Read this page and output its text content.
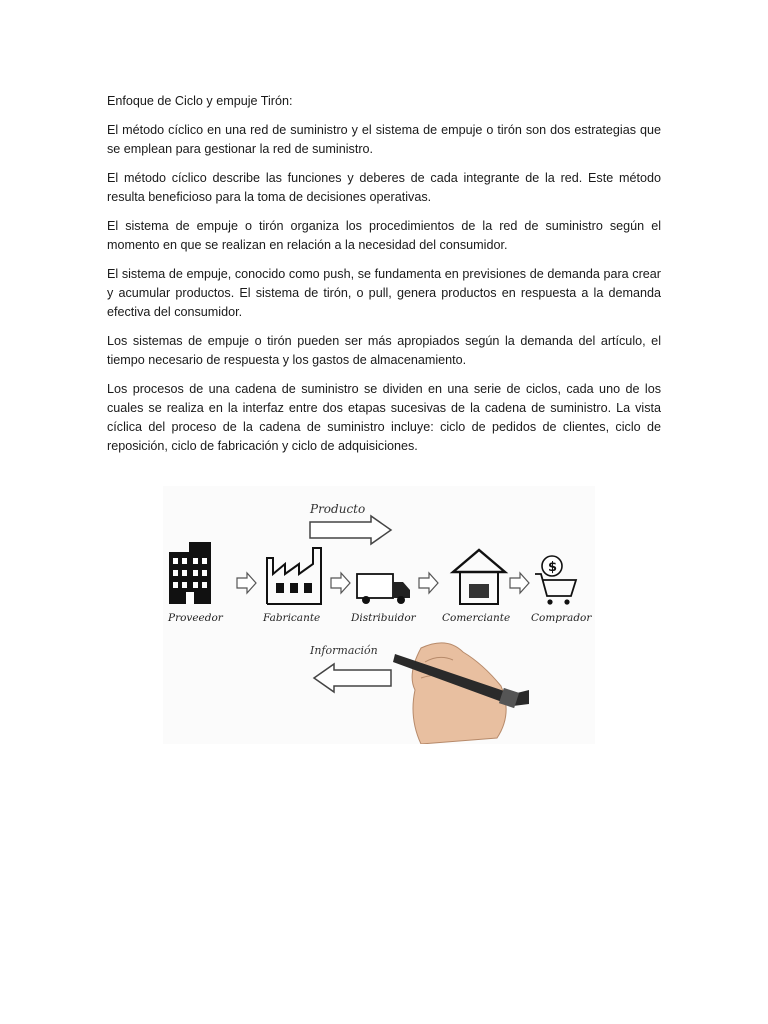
Enfoque de Ciclo y empuje Tirón:

El método cíclico en una red de suministro y el sistema de empuje o tirón son dos estrategias que se emplean para gestionar la red de suministro.

El método cíclico describe las funciones y deberes de cada integrante de la red. Este método resulta beneficioso para la toma de decisiones operativas.

El sistema de empuje o tirón organiza los procedimientos de la red de suministro según el momento en que se realizan en relación a la necesidad del consumidor.

El sistema de empuje, conocido como push, se fundamenta en previsiones de demanda para crear y acumular productos. El sistema de tirón, o pull, genera productos en respuesta a la demanda efectiva del consumidor.

Los sistemas de empuje o tirón pueden ser más apropiados según la demanda del artículo, el tiempo necesario de respuesta y los gastos de almacenamiento.

Los procesos de una cadena de suministro se dividen en una serie de ciclos, cada uno de los cuales se realiza en la interfaz entre dos etapas sucesivas de la cadena de suministro. La vista cíclica del proceso de la cadena de suministro incluye: ciclo de pedidos de clientes, ciclo de reposición, ciclo de fabricación y ciclo de adquisiciones.

Producto
$
Proveedor	Fabricante	Distribuidor	Comerciante Comprador
Información
